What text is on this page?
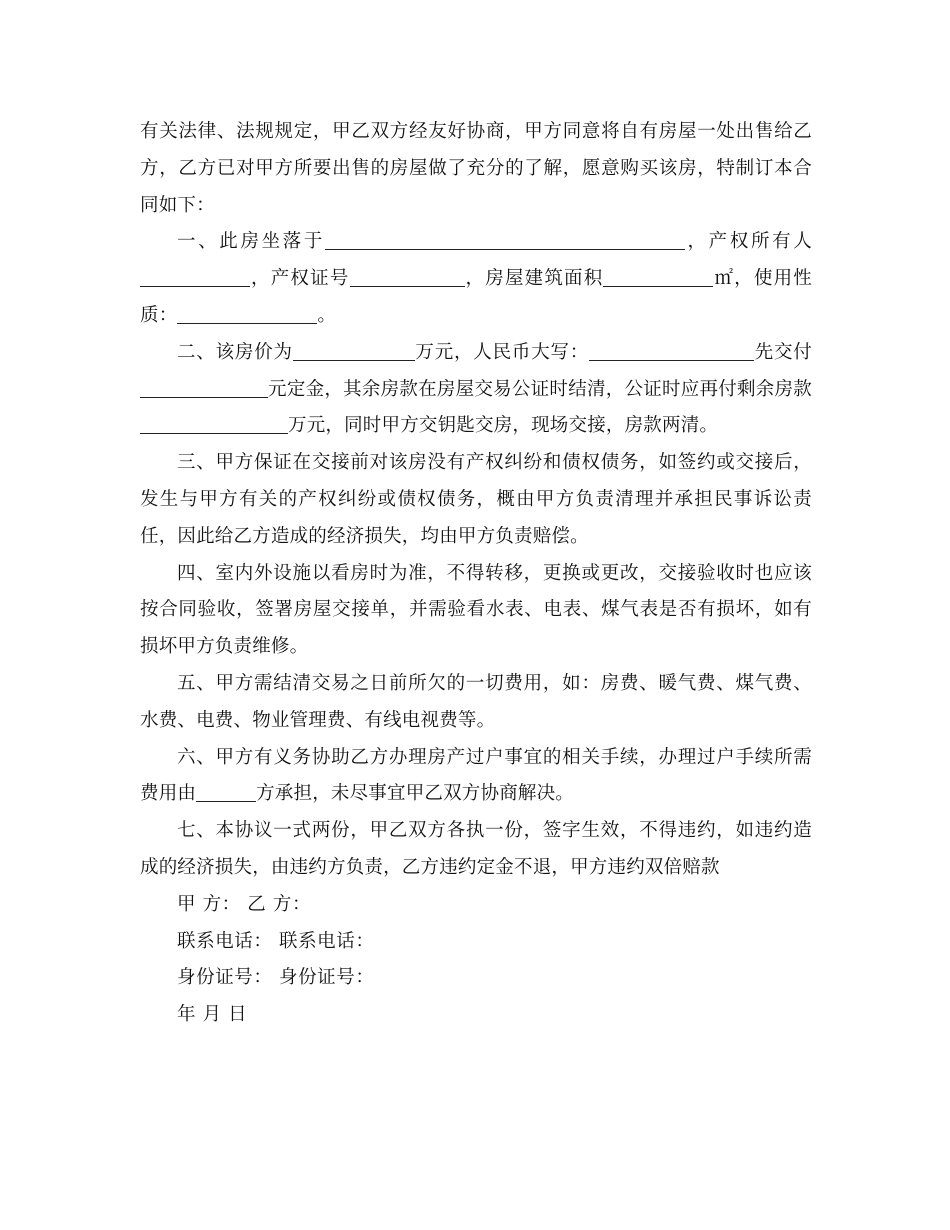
有关法律、法规规定，甲乙双方经友好协商，甲方同意将自有房屋一处出售给乙方，乙方已对甲方所要出售的房屋做了充分的了解，愿意购买该房，特制订本合同如下：

一、此房坐落于	，产权所有人，产权证号	，房屋建筑面积	㎡，使用性质：	。

二、该房价为	万元，人民币大写：	先交付元定金，其余房款在房屋交易公证时结清，公证时应再付剩余房款万元，同时甲方交钥匙交房，现场交接，房款两清。

三、甲方保证在交接前对该房没有产权纠纷和债权债务，如签约或交接后，发生与甲方有关的产权纠纷或债权债务，概由甲方负责清理并承担民事诉讼责任，因此给乙方造成的经济损失，均由甲方负责赔偿。

四、室内外设施以看房时为准，不得转移，更换或更改，交接验收时也应该按合同验收，签署房屋交接单，并需验看水表、电表、煤气表是否有损坏，如有损坏甲方负责维修。

五、甲方需结清交易之日前所欠的一切费用，如：房费、暖气费、煤气费、水费、电费、物业管理费、有线电视费等。

六、甲方有义务协助乙方办理房产过户事宜的相关手续，办理过户手续所需费用由	方承担，未尽事宜甲乙双方协商解决。

七、本协议一式两份，甲乙双方各执一份，签字生效，不得违约，如违约造成的经济损失，由违约方负责，乙方违约定金不退，甲方违约双倍赔款

甲 方： 乙 方：

联系电话： 联系电话：

身份证号： 身份证号：

年 月 日
